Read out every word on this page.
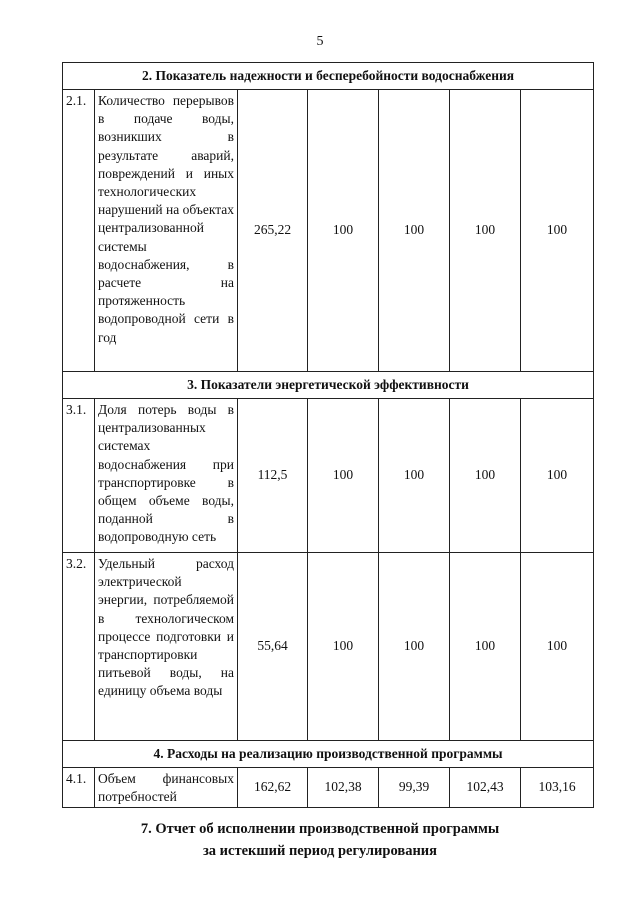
5
2. Показатель надежности и бесперебойности водоснабжения						
2.1.	Количество перерывов в подаче воды, возникших в результате аварий, повреждений и иных технологических нарушений на объектах централизованной системы водоснабжения, в расчете на протяженность водопроводной сети в год	265,22	100	100	100	100
3. Показатели энергетической эффективности						
3.1.	Доля потерь воды в централизованных системах водоснабжения при транспортировке в общем объеме воды, поданной в водопроводную сеть	112,5	100	100	100	100
3.2.	Удельный расход электрической энергии, потребляемой в технологическом процессе подготовки и транспортировки питьевой воды, на единицу объема воды	55,64	100	100	100	100
4. Расходы на реализацию производственной программы						
4.1.	Объем финансовых потребностей	162,62	102,38	99,39	102,43	103,16
7. Отчет об исполнении производственной программы
за истекший период регулирования
